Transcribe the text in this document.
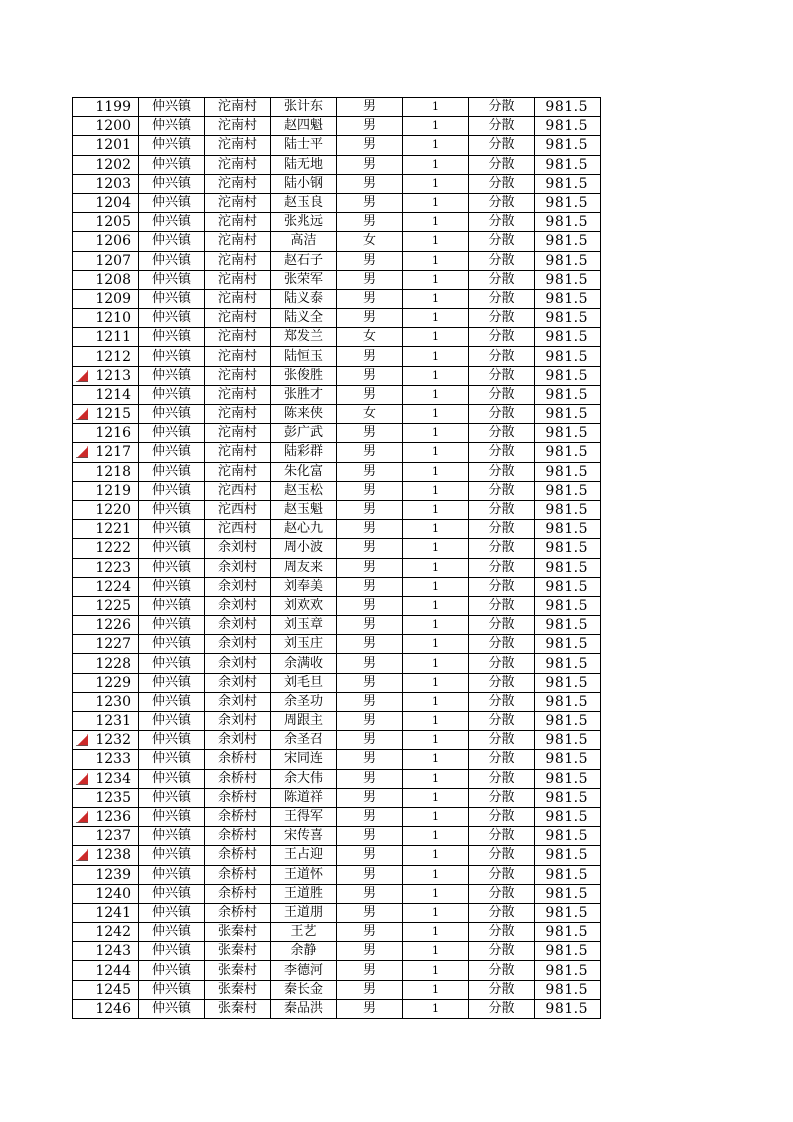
1199	仲兴镇	沱南村	张计东	男	1	分散	981.5
1200	仲兴镇	沱南村	赵四魁	男	1	分散	981.5
1201	仲兴镇	沱南村	陆士平	男	1	分散	981.5
1202	仲兴镇	沱南村	陆无地	男	1	分散	981.5
1203	仲兴镇	沱南村	陆小钢	男	1	分散	981.5
1204	仲兴镇	沱南村	赵玉良	男	1	分散	981.5
1205	仲兴镇	沱南村	张兆远	男	1	分散	981.5
1206	仲兴镇	沱南村	高洁	女	1	分散	981.5
1207	仲兴镇	沱南村	赵石子	男	1	分散	981.5
1208	仲兴镇	沱南村	张荣军	男	1	分散	981.5
1209	仲兴镇	沱南村	陆义泰	男	1	分散	981.5
1210	仲兴镇	沱南村	陆义全	男	1	分散	981.5
1211	仲兴镇	沱南村	郑发兰	女	1	分散	981.5
1212	仲兴镇	沱南村	陆恒玉	男	1	分散	981.5

1213	仲兴镇	沱南村	张俊胜	男	1	分散	981.5
1214	仲兴镇	沱南村	张胜才	男	1	分散	981.5

1215	仲兴镇	沱南村	陈来侠	女	1	分散	981.5
1216	仲兴镇	沱南村	彭广武	男	1	分散	981.5

1217	仲兴镇	沱南村	陆彩群	男	1	分散	981.5
1218	仲兴镇	沱南村	朱化富	男	1	分散	981.5
1219	仲兴镇	沱西村	赵玉松	男	1	分散	981.5
1220	仲兴镇	沱西村	赵玉魁	男	1	分散	981.5
1221	仲兴镇	沱西村	赵心九	男	1	分散	981.5
1222	仲兴镇	余刘村	周小波	男	1	分散	981.5
1223	仲兴镇	余刘村	周友来	男	1	分散	981.5
1224	仲兴镇	余刘村	刘奉美	男	1	分散	981.5
1225	仲兴镇	余刘村	刘欢欢	男	1	分散	981.5
1226	仲兴镇	余刘村	刘玉章	男	1	分散	981.5
1227	仲兴镇	余刘村	刘玉庄	男	1	分散	981.5
1228	仲兴镇	余刘村	余满收	男	1	分散	981.5
1229	仲兴镇	余刘村	刘毛旦	男	1	分散	981.5
1230	仲兴镇	余刘村	余圣功	男	1	分散	981.5
1231	仲兴镇	余刘村	周跟主	男	1	分散	981.5

1232	仲兴镇	余刘村	余圣召	男	1	分散	981.5
1233	仲兴镇	余桥村	宋同连	男	1	分散	981.5

1234	仲兴镇	余桥村	余大伟	男	1	分散	981.5
1235	仲兴镇	余桥村	陈道祥	男	1	分散	981.5

1236	仲兴镇	余桥村	王得军	男	1	分散	981.5
1237	仲兴镇	余桥村	宋传喜	男	1	分散	981.5

1238	仲兴镇	余桥村	王占迎	男	1	分散	981.5
1239	仲兴镇	余桥村	王道怀	男	1	分散	981.5
1240	仲兴镇	余桥村	王道胜	男	1	分散	981.5
1241	仲兴镇	余桥村	王道朋	男	1	分散	981.5
1242	仲兴镇	张秦村	王艺	男	1	分散	981.5
1243	仲兴镇	张秦村	余静	男	1	分散	981.5
1244	仲兴镇	张秦村	李德河	男	1	分散	981.5
1245	仲兴镇	张秦村	秦长金	男	1	分散	981.5
1246	仲兴镇	张秦村	秦品洪	男	1	分散	981.5
